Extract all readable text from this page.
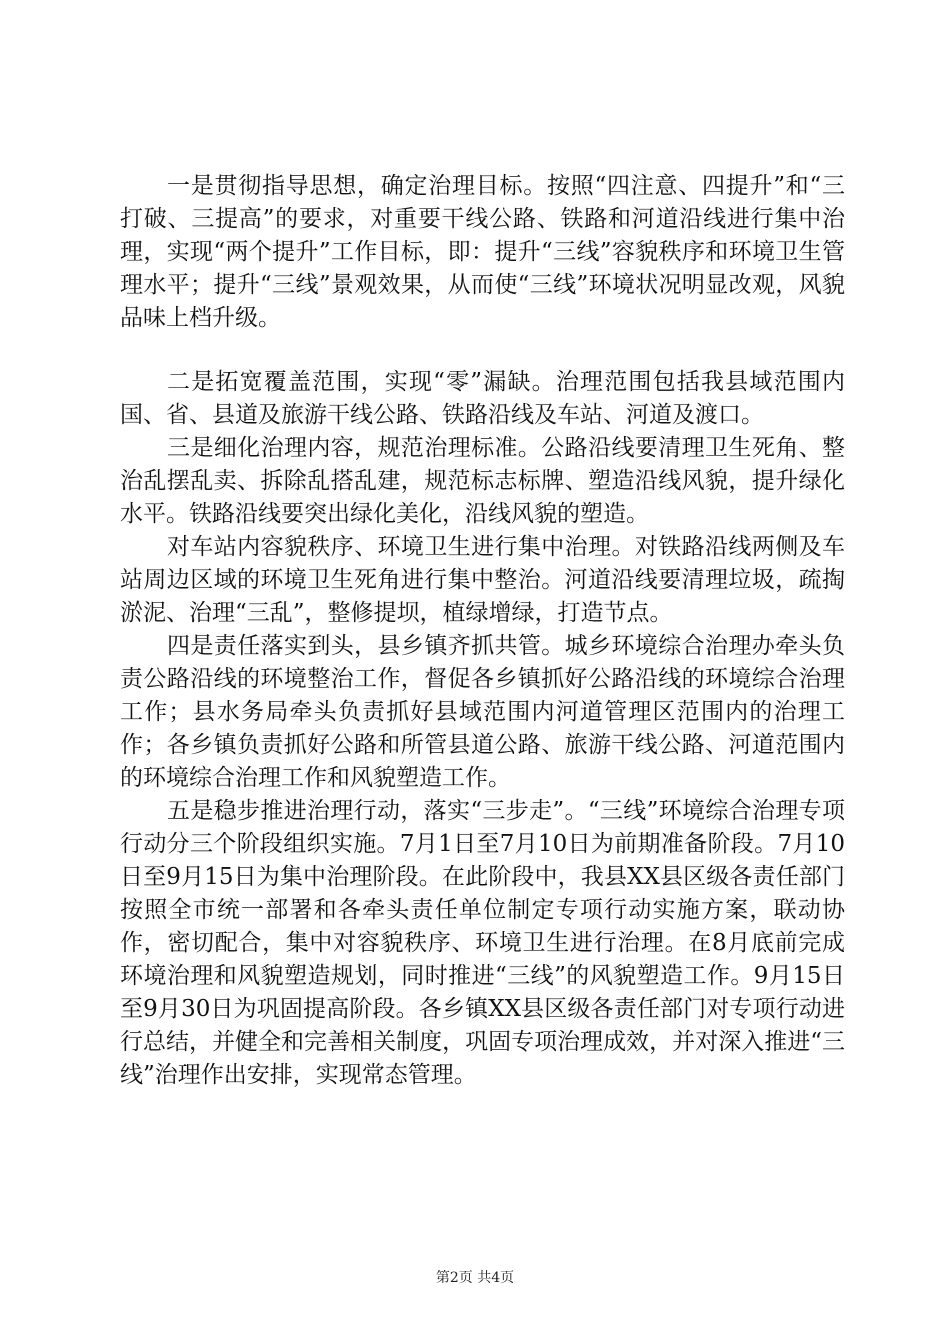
一是贯彻指导思想，确定治理目标。按照“四注意、四提升”和“三打破、三提高”的要求，对重要干线公路、铁路和河道沿线进行集中治理，实现“两个提升”工作目标，即：提升“三线”容貌秩序和环境卫生管理水平；提升“三线”景观效果，从而使“三线”环境状况明显改观，风貌品味上档升级。

二是拓宽覆盖范围，实现“零”漏缺。治理范围包括我县域范围内国、省、县道及旅游干线公路、铁路沿线及车站、河道及渡口。

三是细化治理内容，规范治理标准。公路沿线要清理卫生死角、整治乱摆乱卖、拆除乱搭乱建，规范标志标牌、塑造沿线风貌，提升绿化水平。铁路沿线要突出绿化美化，沿线风貌的塑造。

对车站内容貌秩序、环境卫生进行集中治理。对铁路沿线两侧及车站周边区域的环境卫生死角进行集中整治。河道沿线要清理垃圾，疏掏淤泥、治理“三乱”，整修提坝，植绿增绿，打造节点。

四是责任落实到头，县乡镇齐抓共管。城乡环境综合治理办牵头负责公路沿线的环境整治工作，督促各乡镇抓好公路沿线的环境综合治理工作；县水务局牵头负责抓好县域范围内河道管理区范围内的治理工作；各乡镇负责抓好公路和所管县道公路、旅游干线公路、河道范围内的环境综合治理工作和风貌塑造工作。

五是稳步推进治理行动，落实“三步走”。“三线”环境综合治理专项行动分三个阶段组织实施。7月1日至7月10日为前期准备阶段。7月10日至9月15日为集中治理阶段。在此阶段中，我县XX县区级各责任部门按照全市统一部署和各牵头责任单位制定专项行动实施方案，联动协作，密切配合，集中对容貌秩序、环境卫生进行治理。在8月底前完成环境治理和风貌塑造规划，同时推进“三线”的风貌塑造工作。9月15日至9月30日为巩固提高阶段。各乡镇XX县区级各责任部门对专项行动进行总结，并健全和完善相关制度，巩固专项治理成效，并对深入推进“三线”治理作出安排，实现常态管理。

第2页 共4页
